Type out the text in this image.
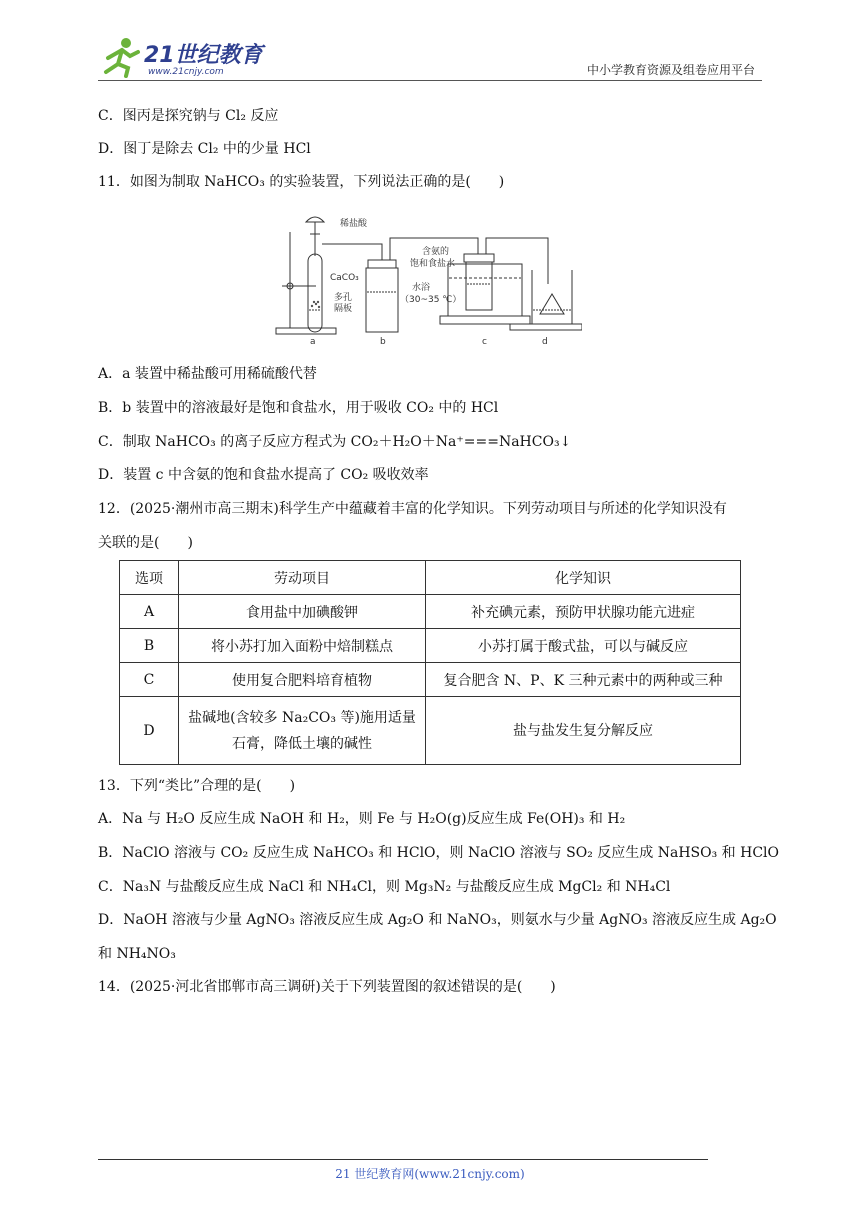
21世纪教育
www.21cnjy.com	中小学教育资源及组卷应用平台
C．图丙是探究钠与 Cl₂ 反应
D．图丁是除去 Cl₂ 中的少量 HCl
11．如图为制取 NaHCO₃ 的实验装置，下列说法正确的是(　　)
稀盐酸
CaCO₃
多孔
隔板
含氨的
饱和食盐水
水浴
（30~35 ℃）
a	b	c	d
A．a 装置中稀盐酸可用稀硫酸代替
B．b 装置中的溶液最好是饱和食盐水，用于吸收 CO₂ 中的 HCl
C．制取 NaHCO₃ 的离子反应方程式为 CO₂＋H₂O＋Na⁺===NaHCO₃↓
D．装置 c 中含氨的饱和食盐水提高了 CO₂ 吸收效率
12．(2025·潮州市高三期末)科学生产中蕴藏着丰富的化学知识。下列劳动项目与所述的化学知识没有
关联的是(　　)
选项	劳动项目	化学知识
A	食用盐中加碘酸钾	补充碘元素，预防甲状腺功能亢进症
B	将小苏打加入面粉中焙制糕点	小苏打属于酸式盐，可以与碱反应
C	使用复合肥料培育植物	复合肥含 N、P、K 三种元素中的两种或三种
D	盐碱地(含较多 Na₂CO₃ 等)施用适量石膏，降低土壤的碱性	盐与盐发生复分解反应
13．下列“类比”合理的是(　　)
A．Na 与 H₂O 反应生成 NaOH 和 H₂，则 Fe 与 H₂O(g)反应生成 Fe(OH)₃ 和 H₂
B．NaClO 溶液与 CO₂ 反应生成 NaHCO₃ 和 HClO，则 NaClO 溶液与 SO₂ 反应生成 NaHSO₃ 和 HClO
C．Na₃N 与盐酸反应生成 NaCl 和 NH₄Cl，则 Mg₃N₂ 与盐酸反应生成 MgCl₂ 和 NH₄Cl
D．NaOH 溶液与少量 AgNO₃ 溶液反应生成 Ag₂O 和 NaNO₃，则氨水与少量 AgNO₃ 溶液反应生成 Ag₂O
和 NH₄NO₃
14．(2025·河北省邯郸市高三调研)关于下列装置图的叙述错误的是(　　)
21 世纪教育网(www.21cnjy.com)
